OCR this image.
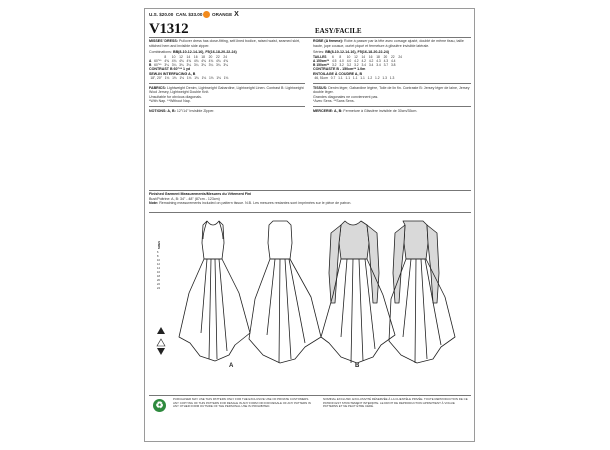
U.S. $20.00 CAN. $33.00 ORANGE X
V1312	EASY/FACILE
MISSES' DRESS: Pullover dress has close-fitting, self-lined bodice, raised waist, seamed skirt, stitched hem and invisible side zipper.
Combinations: BB(8-10-12-14-16), F5(16-18-20-22-24)
		8	10	12	14	16	18	20	22	24
A	60"**	4¾	4¾	4¾	4¾	4¾	4¾	4¾	4¾	4¾
B	60"**	3¼	3¼	3¼	3¼	3¼	3¼	3¼	3¼	3¼
CONTRAST B 60"** 1 yd
SEW-IN INTERFACING A, B
18", 20"	1⅛	1⅛	1⅛	1⅛	1⅛	1⅛	1⅛	1⅛	1⅛
FABRICS: Lightweight Denim, Lightweight Gabardine, Lightweight Linen. Contrast B: Lightweight Wool Jersey, Lightweight Double Knit.
Unsuitable for obvious diagonals.
*With Nap. **Without Nap.
NOTIONS: A, B: 12"/14" Invisible Zipper.
ROBE (A femme): Robe à passer par la tête avec corsage ajusté, doublé de même tissu, taille haute, jupe cousue, ourlet piqué et fermeture à glissière invisible latérale.
Séries: BB(8-10-12-14-16), F5(16-18-20-22-24)
TAILLES	6	8	10	12	14	16	18	20	22	24
A 150cm**	4.5	4.0	4.0	4.2	4.2	4.2	4.3	4.3	4.4	
B 150cm**	3.2	3.2	3.2	3.2	3.4	3.4	3.4	3.7	3.8	
CONTRASTE B - 150cm** 1.0m
ENTOILAGE À COUDRE A, B
46, 51cm	0.7	1.1	1.1	1.1	1.1	1.2	1.2	1.3	1.3
TISSUS: Denim léger, Gabardine légère, Toile de lin fin. Contraste B: Jersey léger de laine, Jersey double léger.
Grandes diagonales ne conviennent pas.
*Avec Sens. **Sans Sens.
MERCERIE: A, B: Fermeture à Glissière invisible de 30cm/35cm.
Finished Garment Measurements/Mesures du Vêtement Fini
Bust/Poitrine: A, B: 34" - 48" (87cm - 123cm)
Note: Remaining measurements included on pattern tissue. N.B. Les mesures restantes sont imprimées sur le pièce de patron.
A	B
SIZES
6
8
10
12
14
16
18
20
22
24
♻
PURCHASER MAY USE THIS PATTERN ONLY FOR THE EXCLUSIVE USE OF PRIVATE CUSTOMERS. ANY COPYING OF THIS PATTERN FOR RESALE IN ANY FORM OR FOR RESALE OF ANY PATTERN IN ANY OTHER FORM OUTSIDE OF THE PERSONAL USE IS PROHIBITED.
NOMINAL EXCLUSIF. EXCLUSIVITÉ RÉSERVÉE À LA CLIENTÈLE PRIVÉE. TOUTE REPRODUCTION DE CE PATRON EST STRICTEMENT INTERDITE. LE DROIT DE REPRODUCTION APPARTIENT À VOGUE PATTERNS ET NE PEUT ÊTRE CÉDÉ.
